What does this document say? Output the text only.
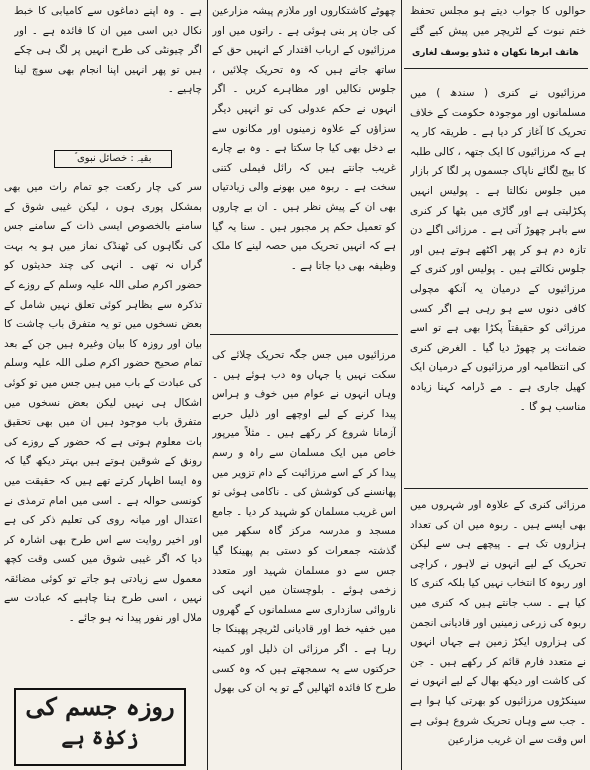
حوالوں کا جواب دیتے ہو مجلس تحفظ ختم نبوت کے لٹریچر میں پیش کیے گئے

ھاتف ابرھا نکھان ہ ٹنڈو یوسف لغاری

مرزائیوں نے کنری ( سندھ ) میں مسلمانوں اور موجودہ حکومت کے خلاف تحریک کا آغاز کر دیا ہے ۔ طریقہ کار یہ ہے کہ مرزائیوں کا ایک جتھہ ، کالی طلبہ کا بیج لگائے ناپاک جسموں پر لگا کر بازار میں جلوس نکالتا ہے ۔ پولیس انہیں پکڑلیتی ہے اور گاڑی میں بٹھا کر کنری سے باہر چھوڑ آتی ہے ۔ مرزائی اگلے دن تازہ دم ہو کر پھر اکٹھے ہوتے ہیں اور جلوس نکالتے ہیں ۔ پولیس اور کنری کے مرزائیوں کے درمیان یہ آنکھ مچولی کافی دنوں سے ہو رہی ہے اگر کسی مرزائی کو حقیقتاً پکڑا بھی ہے تو اسے ضمانت پر چھوڑ دیا گیا ۔ الغرض کنری کی انتظامیہ اور مرزائیوں کے درمیان ایک کھیل جاری ہے ۔ مے ڈرامہ کہنا زیادہ مناسب ہو گا ۔

مرزائی کنری کے علاوہ اور شہروں میں بھی ایسے ہیں ۔ ربوہ میں ان کی تعداد ہزاروں تک ہے ۔ پیچھے ہی سے لیکن تحریک کے لیے انہوں نے لاہور ، کراچی اور ربوہ کا انتخاب نہیں کیا بلکہ کنری کا کیا ہے ۔ سب جانتے ہیں کہ کنری میں ربوہ کی زرعی زمینیں اور قادیانی انجمن کی ہزاروں ایکڑ زمین ہے جہاں انہوں نے متعدد فارم قائم کر رکھے ہیں ۔ جن کی کاشت اور دیکھ بھال کے لیے انہوں نے سینکڑوں مرزائیوں کو بھرتی کیا ہوا ہے ۔ جب سے وہاں تحریک شروع ہوئی ہے اس وقت سے ان غریب مزارعین

چھوٹے کاشتکاروں اور ملازم پیشہ مزارعین کی جان پر بنی ہوئی ہے ۔ راتوں میں اور مرزائیوں کے ارباب اقتدار کے انہیں حق کے ساتھ جاتے ہیں کہ وہ تحریک چلائیں ، جلوس نکالیں اور مظاہرے کریں ۔ اگر انہوں نے حکم عدولی کی تو انہیں دیگر سزاؤں کے علاوہ زمینوں اور مکانوں سے بے دخل بھی کیا جا سکتا ہے ۔ وہ بے چارے غریب جانتے ہیں کہ رائل فیملی کتنی سخت ہے ۔ ربوہ میں بھونے والی زیادتیاں بھی ان کے پیش نظر ہیں ۔ ان بے چاروں کو تعمیل حکم پر مجبور ہیں ۔ سنا یہ گیا ہے کہ انہیں تحریک میں حصہ لینے کا ملک وظیفہ بھی دیا جاتا ہے ۔

مرزائیوں میں جس جگہ تحریک چلائے کی سکت نہیں یا جہاں وہ دب ہوئے ہیں ۔ وہاں انہوں نے عوام میں خوف و ہراس پیدا کرنے کے لیے اوچھے اور ذلیل حربے آزمانا شروع کر رکھے ہیں ۔ مثلاً میرپور خاص میں ایک مسلمان سے راہ و رسم پیدا کر کے اسے مرزائیت کے دام تزویر میں پھانسنے کی کوشش کی ۔ ناکامی ہوئی تو اس غریب مسلمان کو شہید کر دیا ۔ جامع مسجد و مدرسہ مرکز گاہ سکھر میں گذشتہ جمعرات کو دستی بم پھینکا گیا جس سے دو مسلمان شہید اور متعدد زخمی ہوئے ۔ بلوچستان میں انہی کی ناروائی سازداری سے مسلمانوں کے گھروں میں خفیہ خط اور قادیانی لٹریچر پھینکا جا رہا ہے ۔ اگر مرزائی ان ذلیل اور کمینہ حرکتوں سے یہ سمجھتے ہیں کہ وہ کسی طرح کا فائدہ اٹھالیں گے تو یہ ان کی بھول

ہے ۔ وہ اپنے دماغوں سے کامیابی کا خبط نکال دیں اسی میں ان کا فائدہ ہے ۔ اور اگر چیونٹی کی طرح انہیں پر لگ ہی چکے ہیں تو پھر انہیں اپنا انجام بھی سوچ لینا چاہیے ۔

بقیہ : خصائل نبوی ؐ

سر کی چار رکعت جو تمام رات میں بھی بمشکل پوری ہوں ، لیکن غیبی شوق کے سامنے بالخصوص ایسی ذات کے سامنے جس کی نگاہوں کی ٹھنڈک نماز میں ہو یہ بہت گراں نہ تھی ۔ انہی کی چند حدیثوں کو حضور اکرم صلی اللہ علیہ وسلم کے روزے کے تذکرہ سے بظاہر کوئی تعلق نہیں شامل کے بعض نسخوں میں تو یہ متفرق باب چاشت کا بیان اور روزہ کا بیان وغیرہ ہیں جن کے بعد تمام صحیح حضور اکرم صلی اللہ علیہ وسلم کی عبادت کے باب میں ہیں جس میں تو کوئی اشکال ہی نہیں لیکن بعض نسخوں میں متفرق باب موجود ہیں ان میں بھی تحقیق بات معلوم ہوتی ہے کہ حضور کے روزے کی رونق کے شوقین ہوتے ہیں بہتر دیکھ گیا کہ وہ ایسا اظہار کرتے تھے ہیں کہ حقیقت میں کونسی حوالہ ہے ۔ اسی میں امام ترمذی نے اعتدال اور میانہ روی کی تعلیم ذکر کی ہے اور اخیر روایت سے اس طرح بھی اشارہ کر دیا کہ اگر غیبی شوق میں کسی وقت کچھ معمول سے زیادتی ہو جاتے تو کوئی مضائقہ نہیں ، اسی طرح ہنا چاہیے کہ عبادت سے ملال اور نفور پیدا نہ ہو جائے ۔

روزہ جسم کی
زکوٰۃ ہے
